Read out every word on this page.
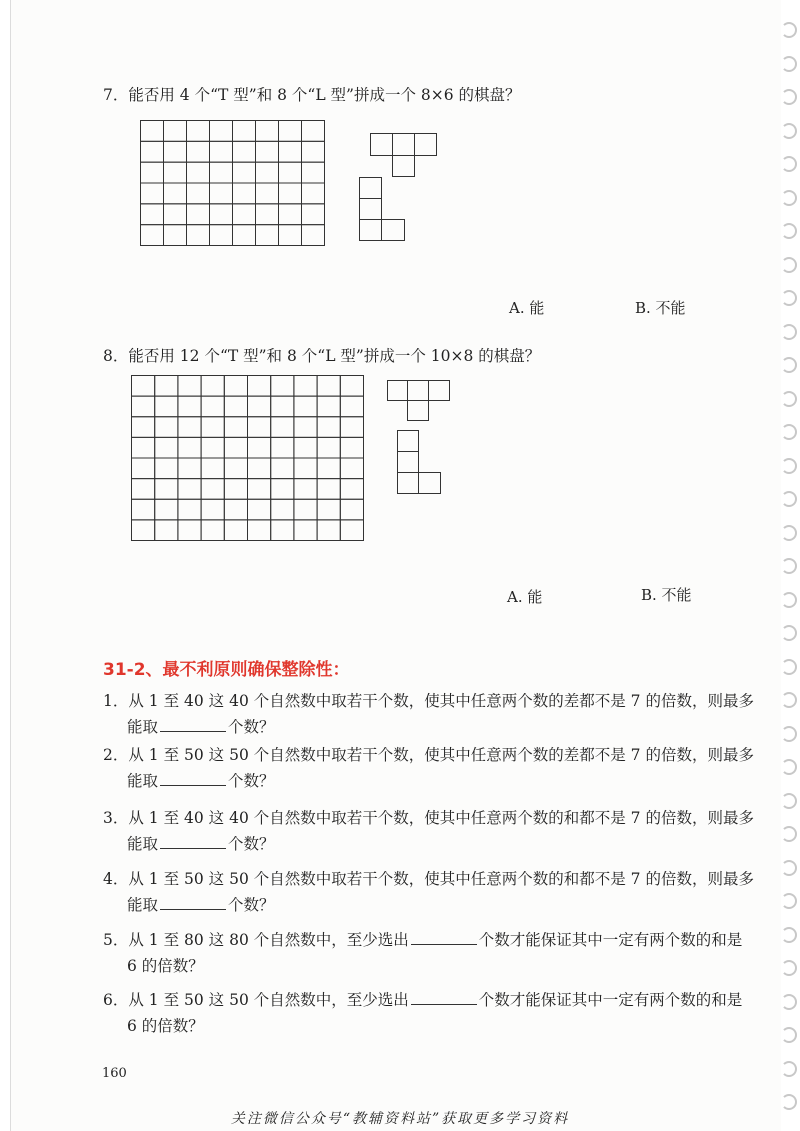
7．能否用 4 个“T 型”和 8 个“L 型”拼成一个 8×6 的棋盘？
A. 能	B. 不能
8．能否用 12 个“T 型”和 8 个“L 型”拼成一个 10×8 的棋盘？
A. 能	B. 不能
31-2、最不利原则确保整除性：
1．从 1 至 40 这 40 个自然数中取若干个数，使其中任意两个数的差都不是 7 的倍数，则最多
能取	个数？
2．从 1 至 50 这 50 个自然数中取若干个数，使其中任意两个数的差都不是 7 的倍数，则最多
能取	个数？
3．从 1 至 40 这 40 个自然数中取若干个数，使其中任意两个数的和都不是 7 的倍数，则最多
能取	个数？
4．从 1 至 50 这 50 个自然数中取若干个数，使其中任意两个数的和都不是 7 的倍数，则最多
能取	个数？
5．从 1 至 80 这 80 个自然数中，至少选出	个数才能保证其中一定有两个数的和是
6 的倍数？
6．从 1 至 50 这 50 个自然数中，至少选出	个数才能保证其中一定有两个数的和是
6 的倍数？
160
关注微信公众号“教辅资料站”获取更多学习资料
